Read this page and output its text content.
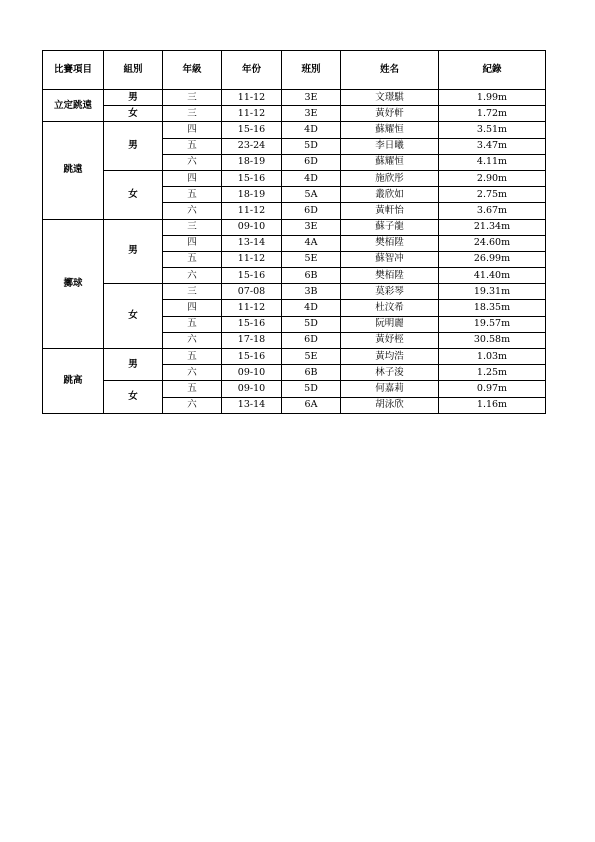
比賽項目	組別	年級	年份	班別	姓名	紀錄
立定跳遠	男	三	11-12	3E	文璟騏	1.99m
	女	三	11-12	3E	黃妤軒	1.72m
跳遠	男	四	15-16	4D	蘇耀恒	3.51m
		五	23-24	5D	李日曦	3.47m
		六	18-19	6D	蘇耀恒	4.11m
	女	四	15-16	4D	施欣彤	2.90m
		五	18-19	5A	叢欣如	2.75m
		六	11-12	6D	黃軒怡	3.67m
擲球	男	三	09-10	3E	蘇子龍	21.34m
		四	13-14	4A	樊栢陞	24.60m
		五	11-12	5E	蘇智冲	26.99m
		六	15-16	6B	樊栢陞	41.40m
	女	三	07-08	3B	莫彩琴	19.31m
		四	11-12	4D	杜汶希	18.35m
		五	15-16	5D	阮明麗	19.57m
		六	17-18	6D	黃妤桱	30.58m
跳高	男	五	15-16	5E	黃均浩	1.03m
		六	09-10	6B	林子浚	1.25m
	女	五	09-10	5D	何嘉莉	0.97m
		六	13-14	6A	胡泳欣	1.16m
